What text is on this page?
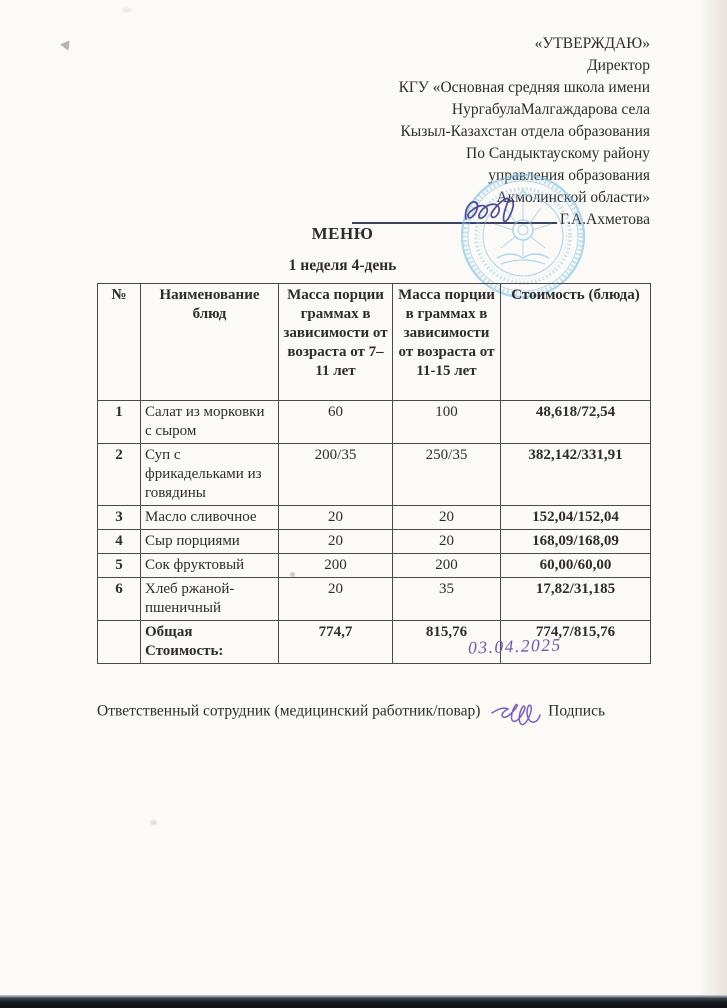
«УТВЕРЖДАЮ»
Директор
КГУ «Основная средняя школа имени
НургабулаМалгаждарова села
Кызыл-Казахстан отдела образования
По Сандыктаускому району
управления образования
Акмолинской области»
Г.А.Ахметова
МЕНЮ
1 неделя 4-день
№	Наименование блюд	Масса порции граммах в зависимости от возраста от 7–11 лет	Масса порции в граммах в зависимости от возраста от 11-15 лет	Стоимость (блюда)
1	Салат из морковки с сыром	60	100	48,618/72,54
2	Суп с фрикадельками из говядины	200/35	250/35	382,142/331,91
3	Масло сливочное	20	20	152,04/152,04
4	Сыр порциями	20	20	168,09/168,09
5	Сок фруктовый	200	200	60,00/60,00
6	Хлеб ржаной-пшеничный	20	35	17,82/31,185
	Общая Стоимость:	774,7	815,76	774,7/815,76
03.04.2025
Ответственный сотрудник (медицинский работник/повар)	Подпись
